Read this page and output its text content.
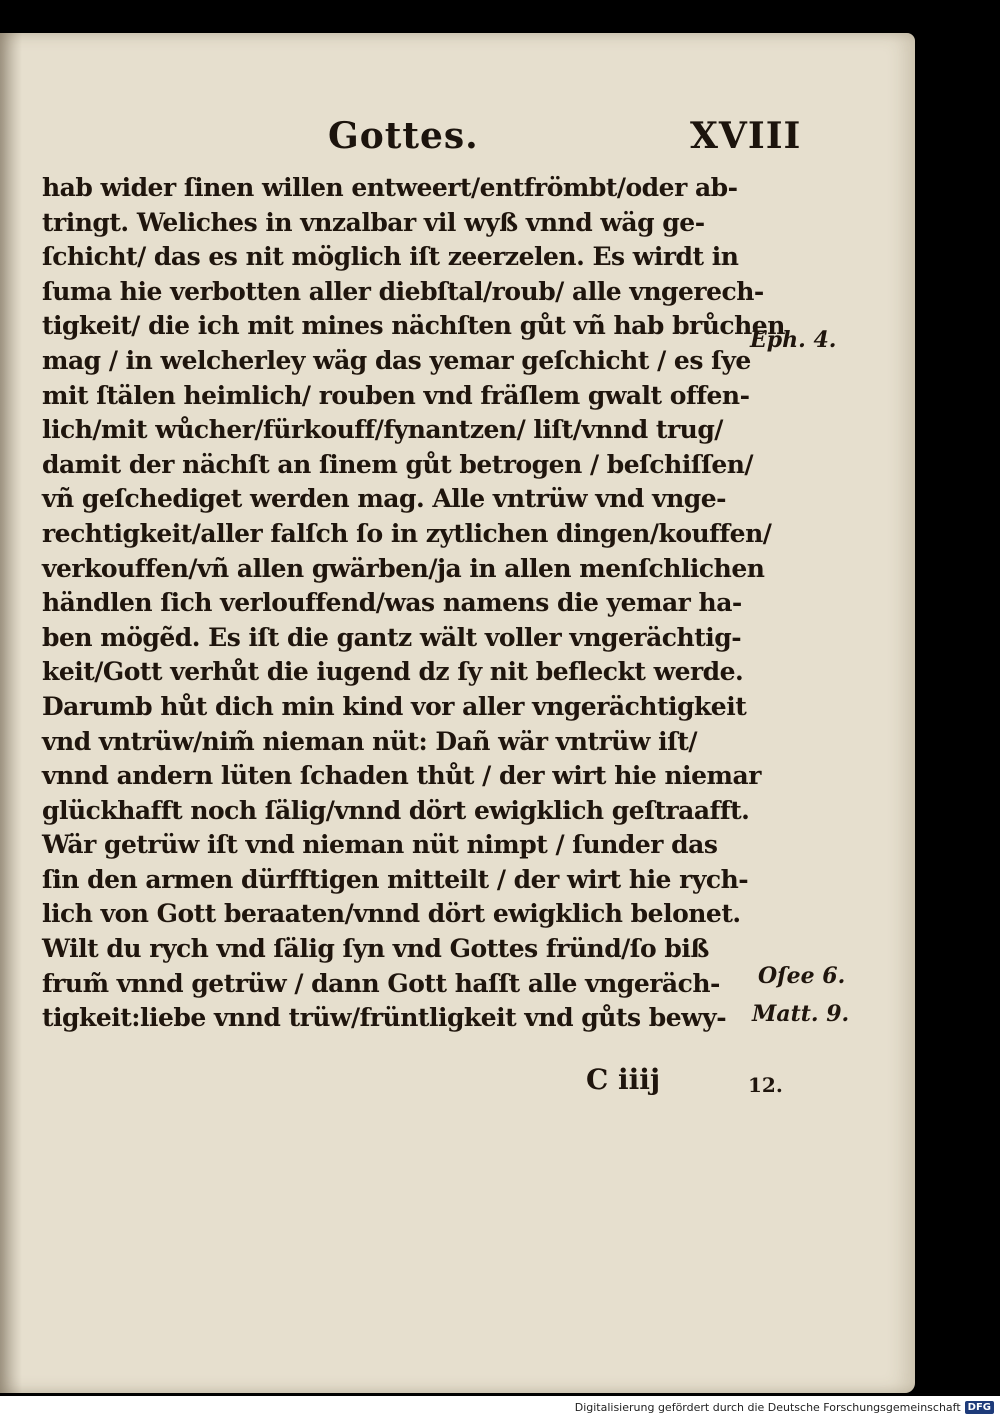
Gottes.	XVIII
hab wider ſinen willen entweert/entfrömbt/oder ab‑
tringt. Weliches in vnzalbar vil wyß vnnd wäg ge‑
ſchicht/ das es nit möglich iſt zeerzelen. Es wirdt in
ſuma hie verbotten aller diebſtal/roub/ alle vngerech‑
tigkeit/ die ich mit mines nächſten gůt vñ hab brůchen
mag / in welcherley wäg das yemar geſchicht / es ſye
mit ſtälen heimlich/ rouben vnd fräſlem gwalt offen‑
lich/mit wůcher/fürkouff/fynantzen/ liſt/vnnd trug/
damit der nächſt an ſinem gůt betrogen / beſchiſſen/
vñ geſchediget werden mag. Alle vntrüw vnd vnge‑
rechtigkeit/aller falſch ſo in zytlichen dingen/kouffen/
verkouffen/vñ allen gwärben/ja in allen menſchlichen
händlen ſich verlouffend/was namens die yemar ha‑
ben mögẽd. Es iſt die gantz wält voller vngerächtig‑
keit/Gott verhůt die iugend dz ſy nit befleckt werde.
Darumb hůt dich min kind vor aller vngerächtigkeit
vnd vntrüw/nim̃ nieman nüt: Dañ wär vntrüw iſt/
vnnd andern lüten ſchaden thůt / der wirt hie niemar
glückhafft noch ſälig/vnnd dört ewigklich geſtraafft.
Wär getrüw iſt vnd nieman nüt nimpt / ſunder das
ſin den armen dürfftigen mitteilt / der wirt hie rych‑
lich von Gott beraaten/vnnd dört ewigklich belonet.
Wilt du rych vnd ſälig ſyn vnd Gottes fründ/ſo biß
frum̃ vnnd getrüw / dann Gott haſſt alle vngeräch‑
tigkeit:liebe vnnd trüw/früntligkeit vnd gůts bewy‑
Eph. 4.
Oſee 6.
Matt. 9.
C iiij	12.
Digitalisierung gefördert durch die Deutsche Forschungsgemeinschaft DFG
